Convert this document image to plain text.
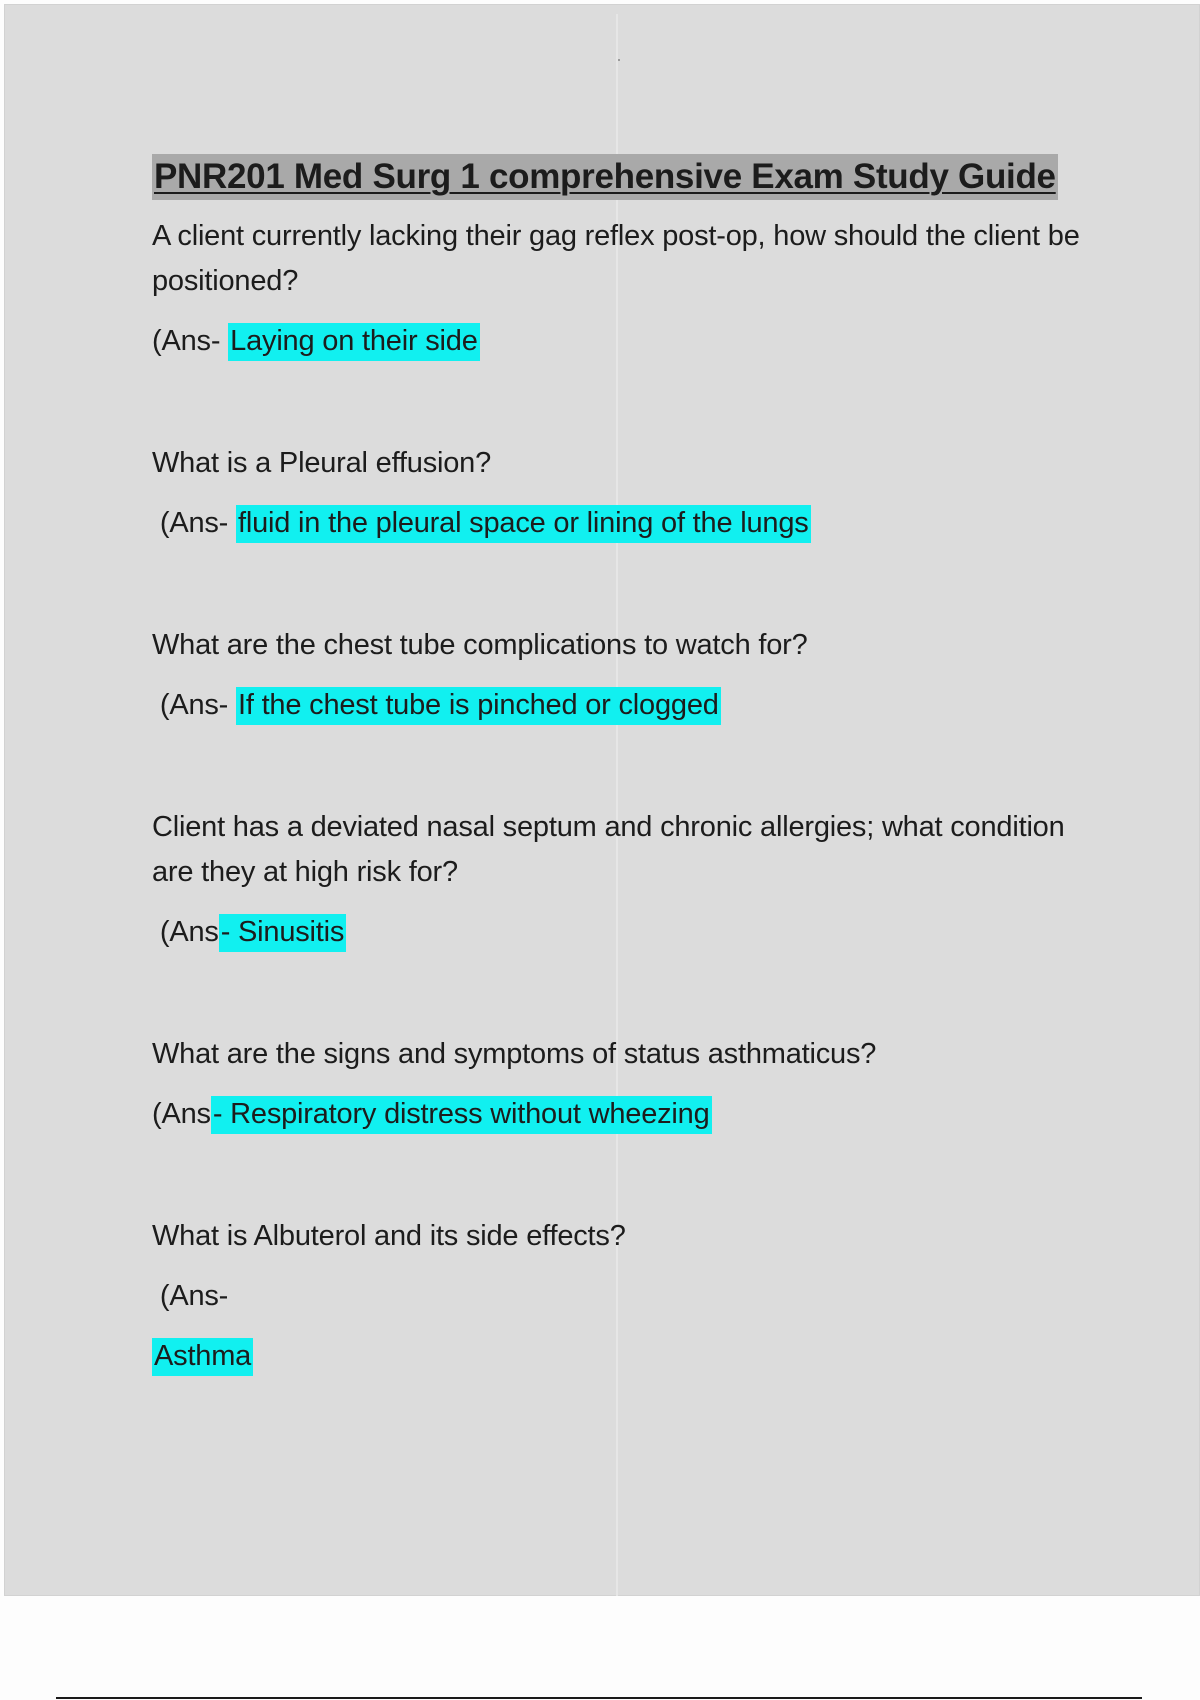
PNR201 Med Surg 1 comprehensive Exam Study Guide

A client currently lacking their gag reflex post-op, how should the client be positioned?

(Ans- Laying on their side

What is a Pleural effusion?

(Ans- fluid in the pleural space or lining of the lungs

What are the chest tube complications to watch for?

(Ans- If the chest tube is pinched or clogged

Client has a deviated nasal septum and chronic allergies; what condition are they at high risk for?

(Ans- Sinusitis

What are the signs and symptoms of status asthmaticus?

(Ans- Respiratory distress without wheezing

What is Albuterol and its side effects?

(Ans-

Asthma
